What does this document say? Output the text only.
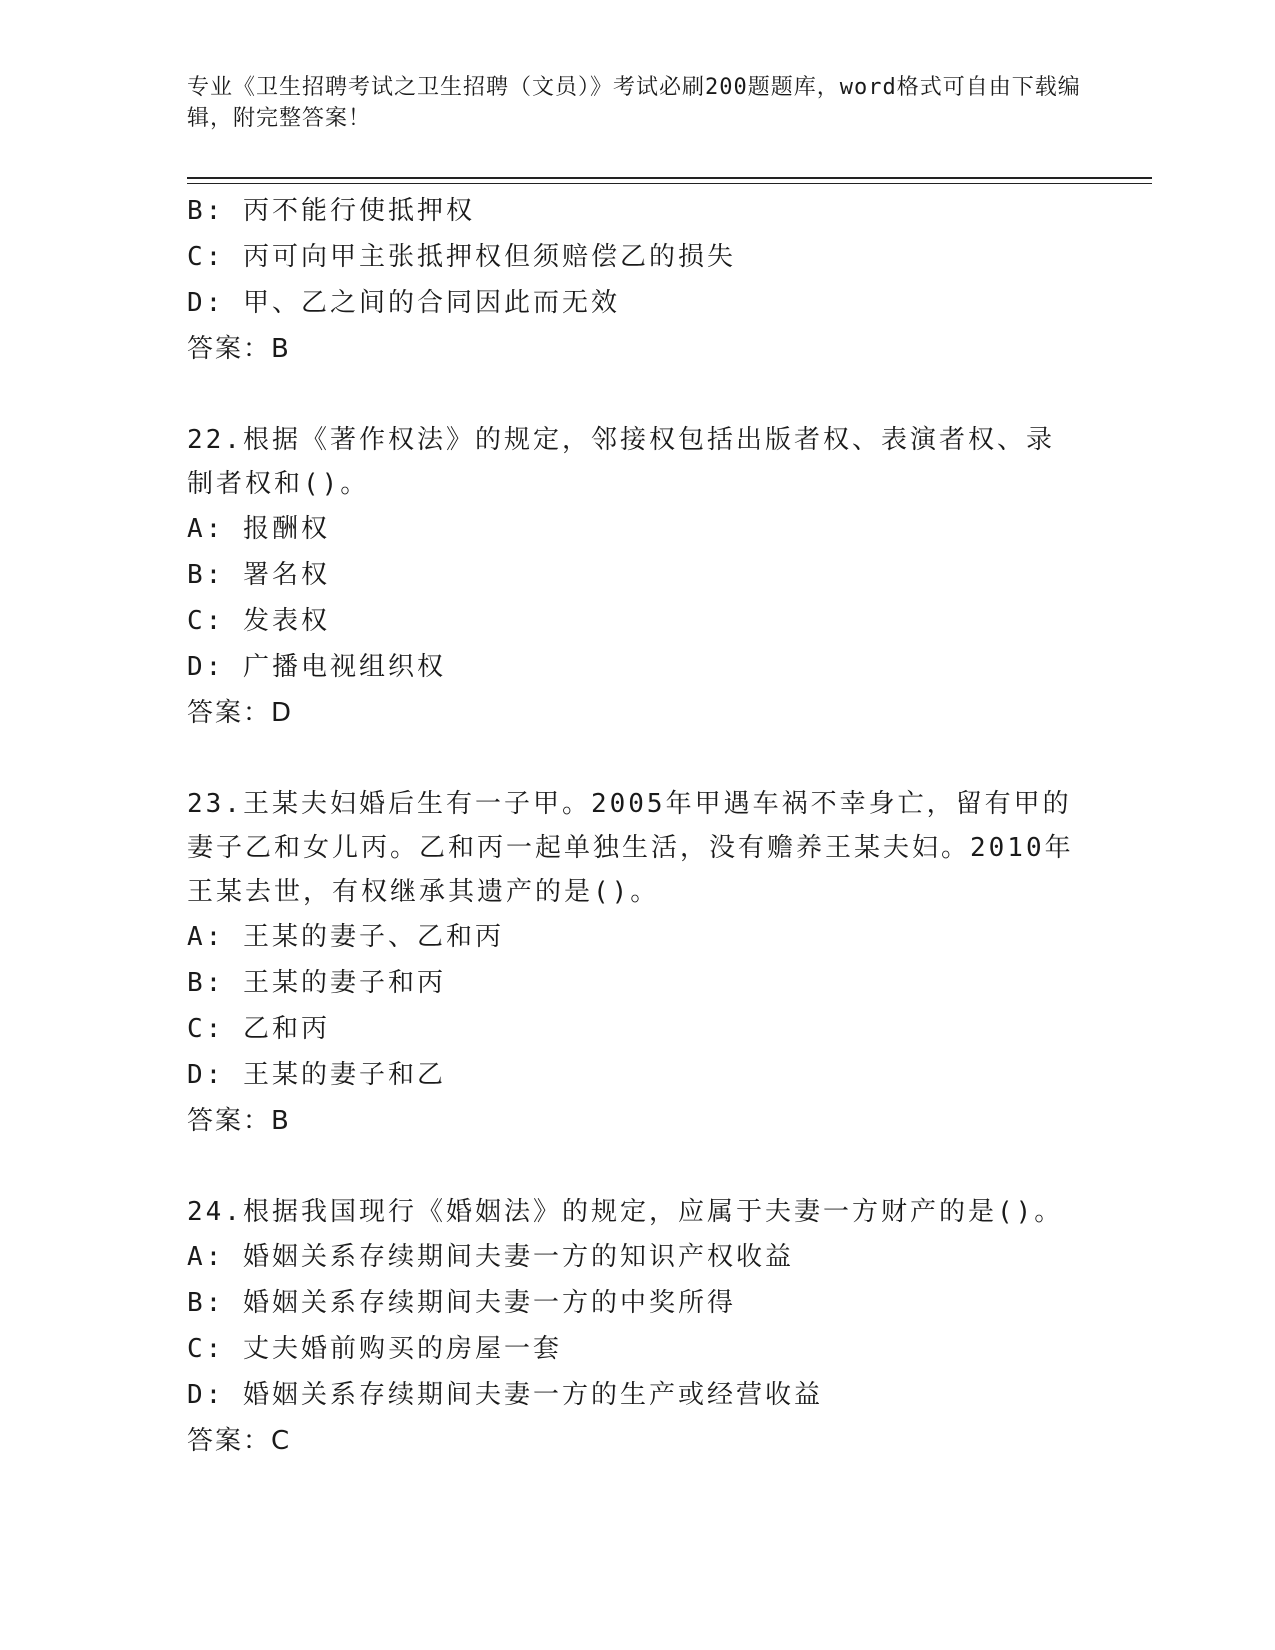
专业《卫生招聘考试之卫生招聘（文员）》考试必刷200题题库，word格式可自由下载编辑，附完整答案！
B: 丙不能行使抵押权
C: 丙可向甲主张抵押权但须赔偿乙的损失
D: 甲、乙之间的合同因此而无效
答案：B
22.根据《著作权法》的规定，邻接权包括出版者权、表演者权、录制者权和()。
A: 报酬权
B: 署名权
C: 发表权
D: 广播电视组织权
答案：D
23.王某夫妇婚后生有一子甲。2005年甲遇车祸不幸身亡，留有甲的妻子乙和女儿丙。乙和丙一起单独生活，没有赡养王某夫妇。2010年王某去世，有权继承其遗产的是()。
A: 王某的妻子、乙和丙
B: 王某的妻子和丙
C: 乙和丙
D: 王某的妻子和乙
答案：B
24.根据我国现行《婚姻法》的规定，应属于夫妻一方财产的是()。
A: 婚姻关系存续期间夫妻一方的知识产权收益
B: 婚姻关系存续期间夫妻一方的中奖所得
C: 丈夫婚前购买的房屋一套
D: 婚姻关系存续期间夫妻一方的生产或经营收益
答案：C
